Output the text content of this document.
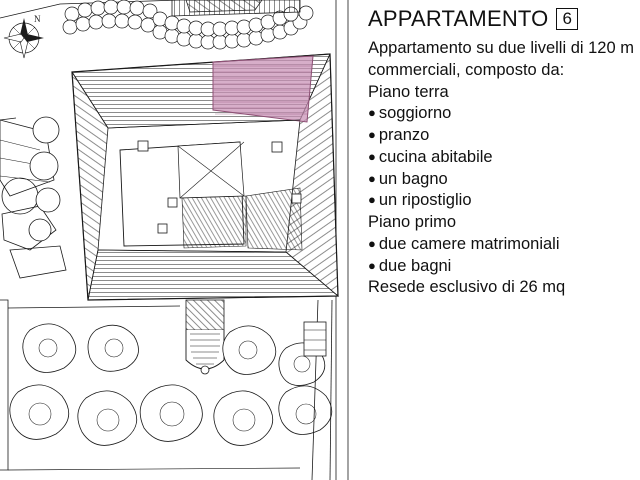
N	APPARTAMENTO 6
Appartamento su due livelli di 120 m
commerciali, composto da:
Piano terra
● soggiorno
● pranzo
● cucina abitabile
● un bagno
● un ripostiglio
Piano primo
● due camere matrimoniali
● due bagni
Resede esclusivo di 26 mq
